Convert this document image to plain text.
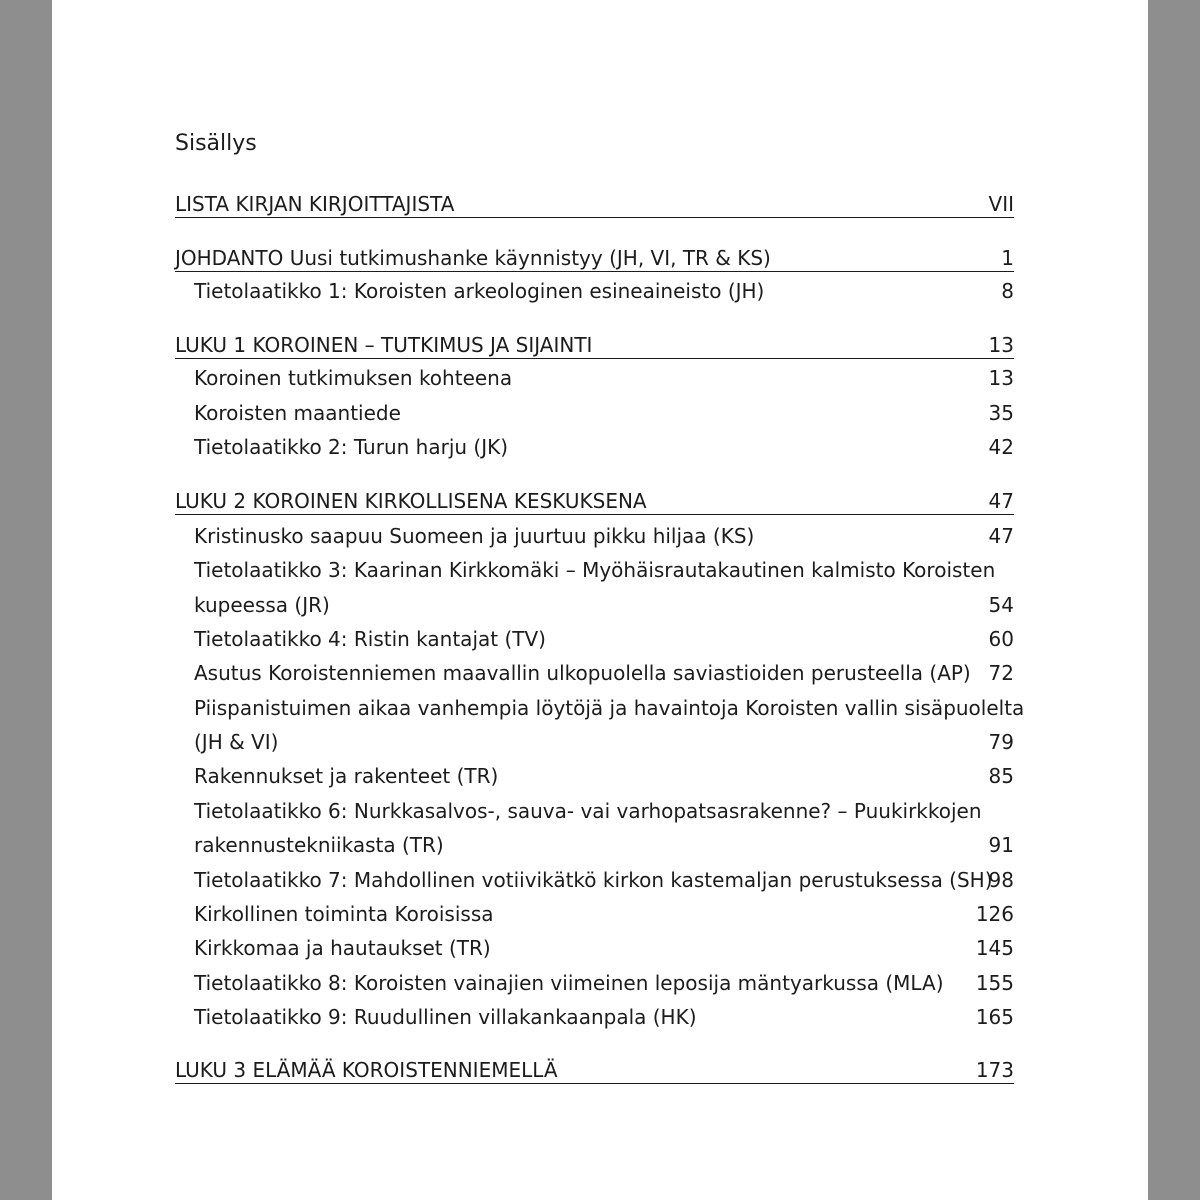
Sisällys
LISTA KIRJAN KIRJOITTAJISTA	VII
JOHDANTO Uusi tutkimushanke käynnistyy (JH, VI, TR & KS)	1
Tietolaatikko 1: Koroisten arkeologinen esineaineisto (JH)	8
LUKU 1 KOROINEN – TUTKIMUS JA SIJAINTI	13
Koroinen tutkimuksen kohteena	13
Koroisten maantiede	35
Tietolaatikko 2: Turun harju (JK)	42
LUKU 2 KOROINEN KIRKOLLISENA KESKUKSENA	47
Kristinusko saapuu Suomeen ja juurtuu pikku hiljaa (KS)	47
Tietolaatikko 3: Kaarinan Kirkkomäki – Myöhäisrautakautinen kalmisto Koroisten
kupeessa (JR)	54
Tietolaatikko 4: Ristin kantajat (TV)	60
Asutus Koroistenniemen maavallin ulkopuolella saviastioiden perusteella (AP) 72
Piispanistuimen aikaa vanhempia löytöjä ja havaintoja Koroisten vallin sisäpuolelta
(JH & VI)	79
Rakennukset ja rakenteet (TR)	85
Tietolaatikko 6: Nurkkasalvos-, sauva- vai varhopatsasrakenne? – Puukirkkojen
rakennustekniikasta (TR)	91
Tietolaatikko 7: Mahdollinen votiivikätkö kirkon kastemaljan perustuksessa (SH)
98
Kirkollinen toiminta Koroisissa	126
Kirkkomaa ja hautaukset (TR)	145
Tietolaatikko 8: Koroisten vainajien viimeinen leposija mäntyarkussa (MLA) 155
Tietolaatikko 9: Ruudullinen villakankaanpala (HK)	165
LUKU 3 ELÄMÄÄ KOROISTENNIEMELLÄ	173
